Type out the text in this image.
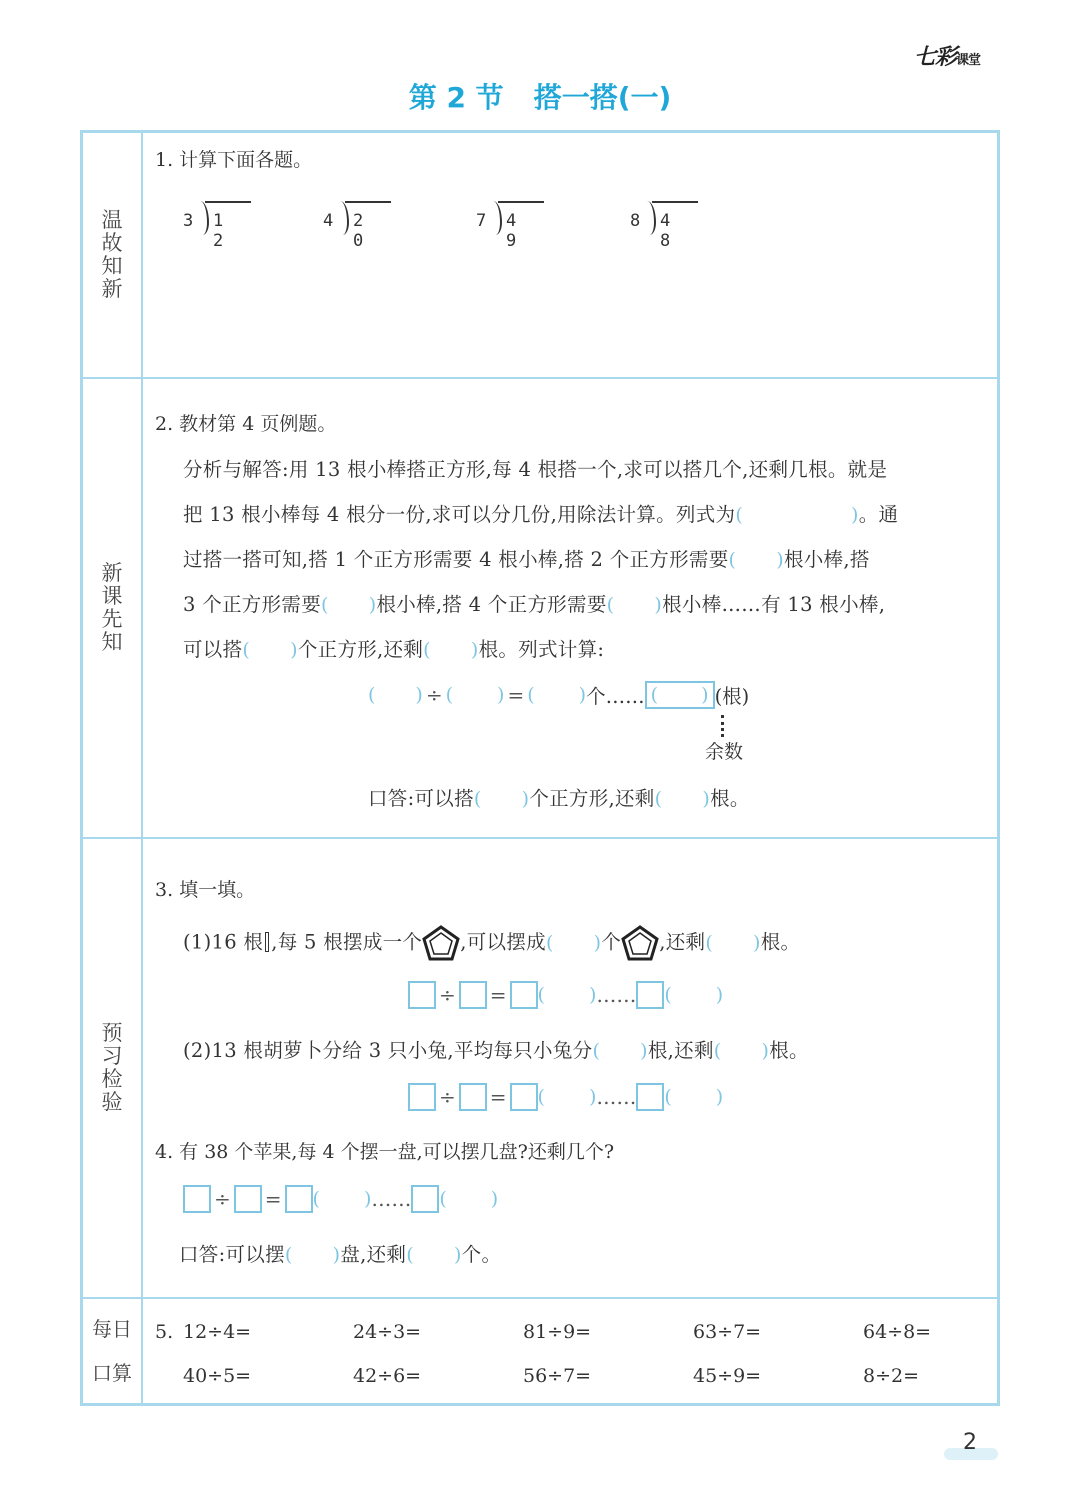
七彩课堂
第 2 节 搭一搭(一)
温故知新
1. 计算下面各题。
3 1 2
4 2 0
7 4 9
8 4 8
新课先知
2. 教材第 4 页例题。
分析与解答:用 13 根小棒搭正方形,每 4 根搭一个,求可以搭几个,还剩几根。就是
把 13 根小棒每 4 根分一份,求可以分几份,用除法计算。列式为(	)。通
过搭一搭可知,搭 1 个正方形需要 4 根小棒,搭 2 个正方形需要( )根小棒,搭
3 个正方形需要( )根小棒,搭 4 个正方形需要( )根小棒……有 13 根小棒,
可以搭( )个正方形,还剩( )根。列式计算:
( ) ÷ ( ) = ( )个…… ( ) (根)
余数
口答:可以搭( )个正方形,还剩( )根。
预习检验
3. 填一填。
(1)16 根 ,每 5 根摆成一个 ,可以摆成( )个 ,还剩( )根。
÷ = ( )…… ( )
(2)13 根胡萝卜分给 3 只小兔,平均每只小兔分( )根,还剩( )根。
÷ = ( )…… ( )
4. 有 38 个苹果,每 4 个摆一盘,可以摆几盘?还剩几个?
÷ = ( )…… ( )
口答:可以摆( )盘,还剩( )个。
每日
口算
5. 12÷4=	24÷3=	81÷9=	63÷7=	64÷8=
40÷5=	42÷6=	56÷7=	45÷9=	8÷2=
2
